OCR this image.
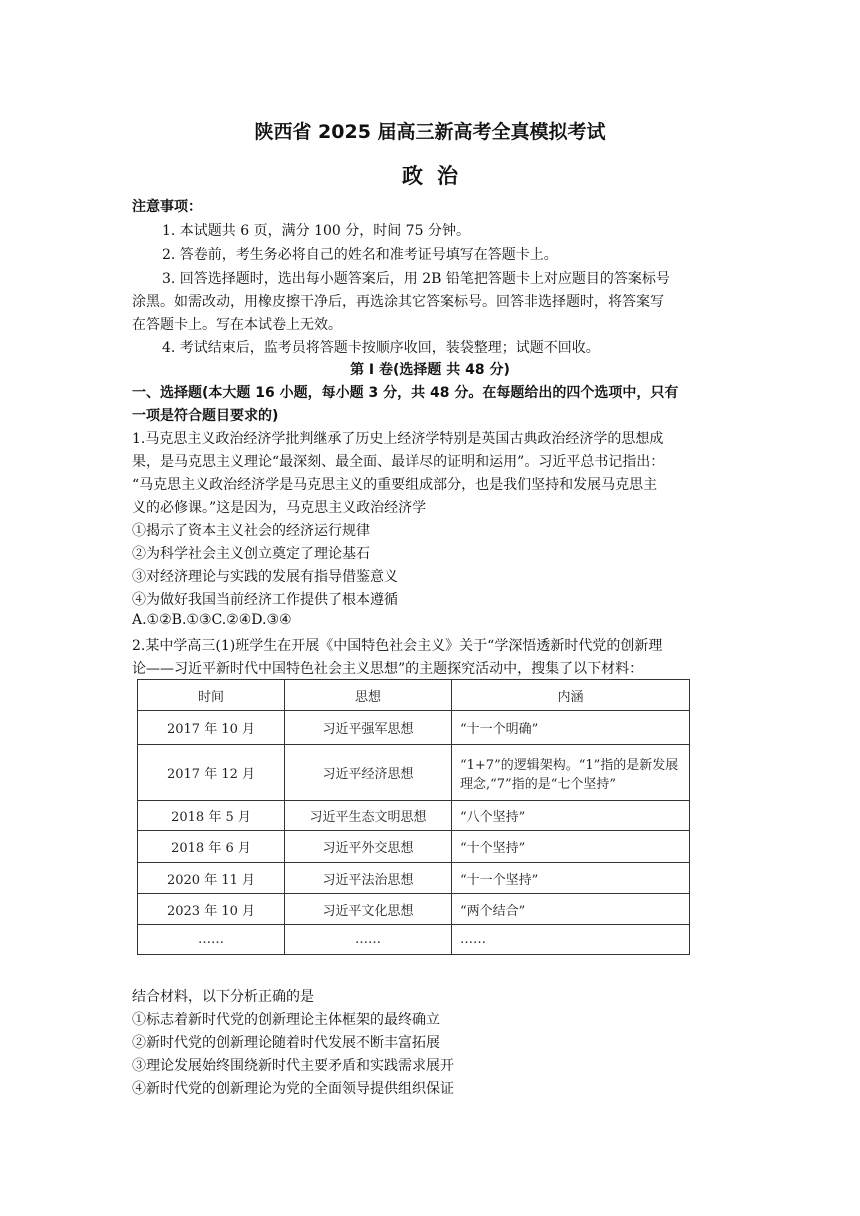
陕西省 2025 届高三新高考全真模拟考试
政治
注意事项：
1. 本试题共 6 页，满分 100 分，时间 75 分钟。
2. 答卷前，考生务必将自己的姓名和准考证号填写在答题卡上。
3. 回答选择题时，选出每小题答案后，用 2B 铅笔把答题卡上对应题目的答案标号
涂黑。如需改动，用橡皮擦干净后，再选涂其它答案标号。回答非选择题时，将答案写
在答题卡上。写在本试卷上无效。
4. 考试结束后，监考员将答题卡按顺序收回，装袋整理；试题不回收。
第 Ⅰ 卷(选择题 共 48 分)
一、选择题(本大题 16 小题，每小题 3 分，共 48 分。在每题给出的四个选项中，只有
一项是符合题目要求的)
1.马克思主义政治经济学批判继承了历史上经济学特别是英国古典政治经济学的思想成
果，是马克思主义理论“最深刻、最全面、最详尽的证明和运用”。习近平总书记指出：
“马克思主义政治经济学是马克思主义的重要组成部分，也是我们坚持和发展马克思主
义的必修课。”这是因为，马克思主义政治经济学
①揭示了资本主义社会的经济运行规律
②为科学社会主义创立奠定了理论基石
③对经济理论与实践的发展有指导借鉴意义
④为做好我国当前经济工作提供了根本遵循
A.①②B.①③C.②④D.③④
2.某中学高三(1)班学生在开展《中国特色社会主义》关于“学深悟透新时代党的创新理
论——习近平新时代中国特色社会主义思想”的主题探究活动中，搜集了以下材料：
时间	思想	内涵
2017 年 10 月	习近平强军思想	“十一个明确”
2017 年 12 月	习近平经济思想	“1+7”的逻辑架构。“1”指的是新发展
理念,“7”指的是“七个坚持”

2018 年 5 月	习近平生态文明思想	“八个坚持”
2018 年 6 月	习近平外交思想	“十个坚持”
2020 年 11 月	习近平法治思想	“十一个坚持”
2023 年 10 月	习近平文化思想	“两个结合”
……	……	……
结合材料，以下分析正确的是
①标志着新时代党的创新理论主体框架的最终确立
②新时代党的创新理论随着时代发展不断丰富拓展
③理论发展始终围绕新时代主要矛盾和实践需求展开
④新时代党的创新理论为党的全面领导提供组织保证
